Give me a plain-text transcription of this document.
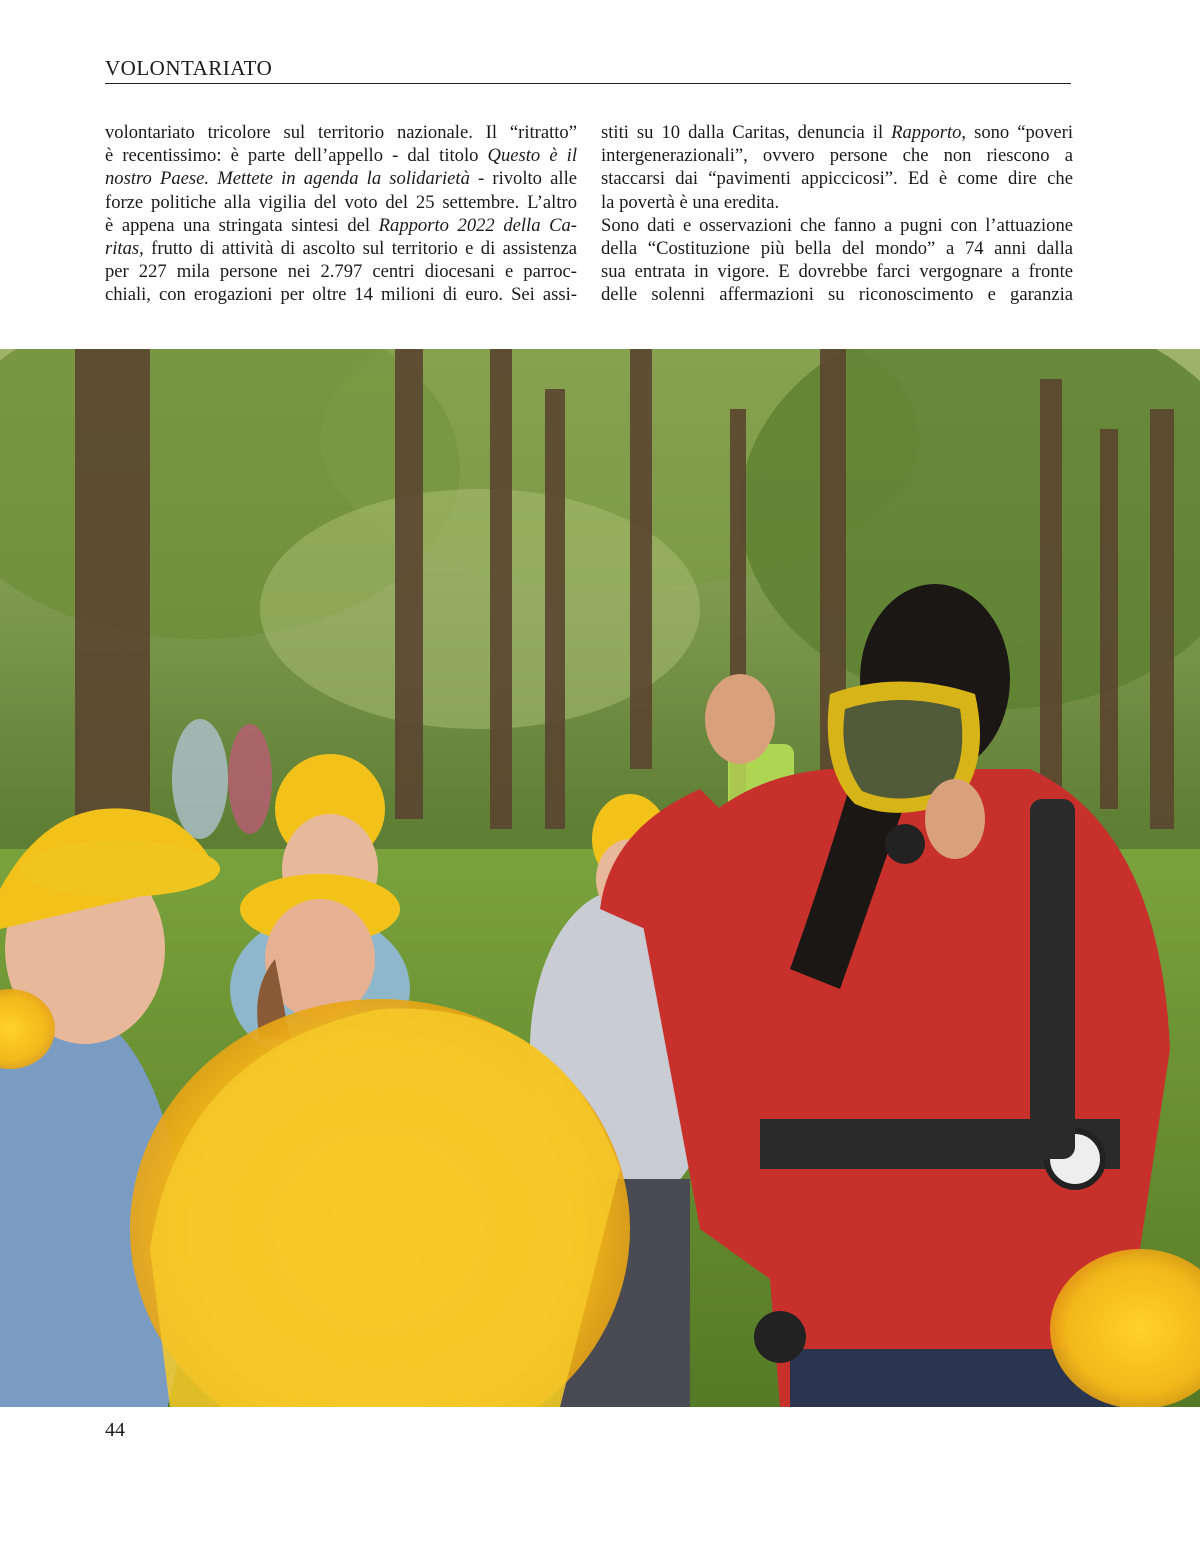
VOLONTARIATO
volontariato tricolore sul territorio nazionale. Il “ritratto”
è recentissimo: è parte dell’appello - dal titolo Questo è il
nostro Paese. Mettete in agenda la solidarietà - rivolto alle
forze politiche alla vigilia del voto del 25 settembre. L’altro
è appena una stringata sintesi del Rapporto 2022 della Ca-
ritas, frutto di attività di ascolto sul territorio e di assistenza
per 227 mila persone nei 2.797 centri diocesani e parroc-
chiali, con erogazioni per oltre 14 milioni di euro. Sei assi-
stiti su 10 dalla Caritas, denuncia il Rapporto, sono “poveri
intergenerazionali”, ovvero persone che non riescono a
staccarsi dai “pavimenti appiccicosi”. Ed è come dire che
la povertà è una eredita.
Sono dati e osservazioni che fanno a pugni con l’attuazione
della “Costituzione più bella del mondo” a 74 anni dalla
sua entrata in vigore. E dovrebbe farci vergognare a fronte
delle solenni affermazioni su riconoscimento e garanzia
44
